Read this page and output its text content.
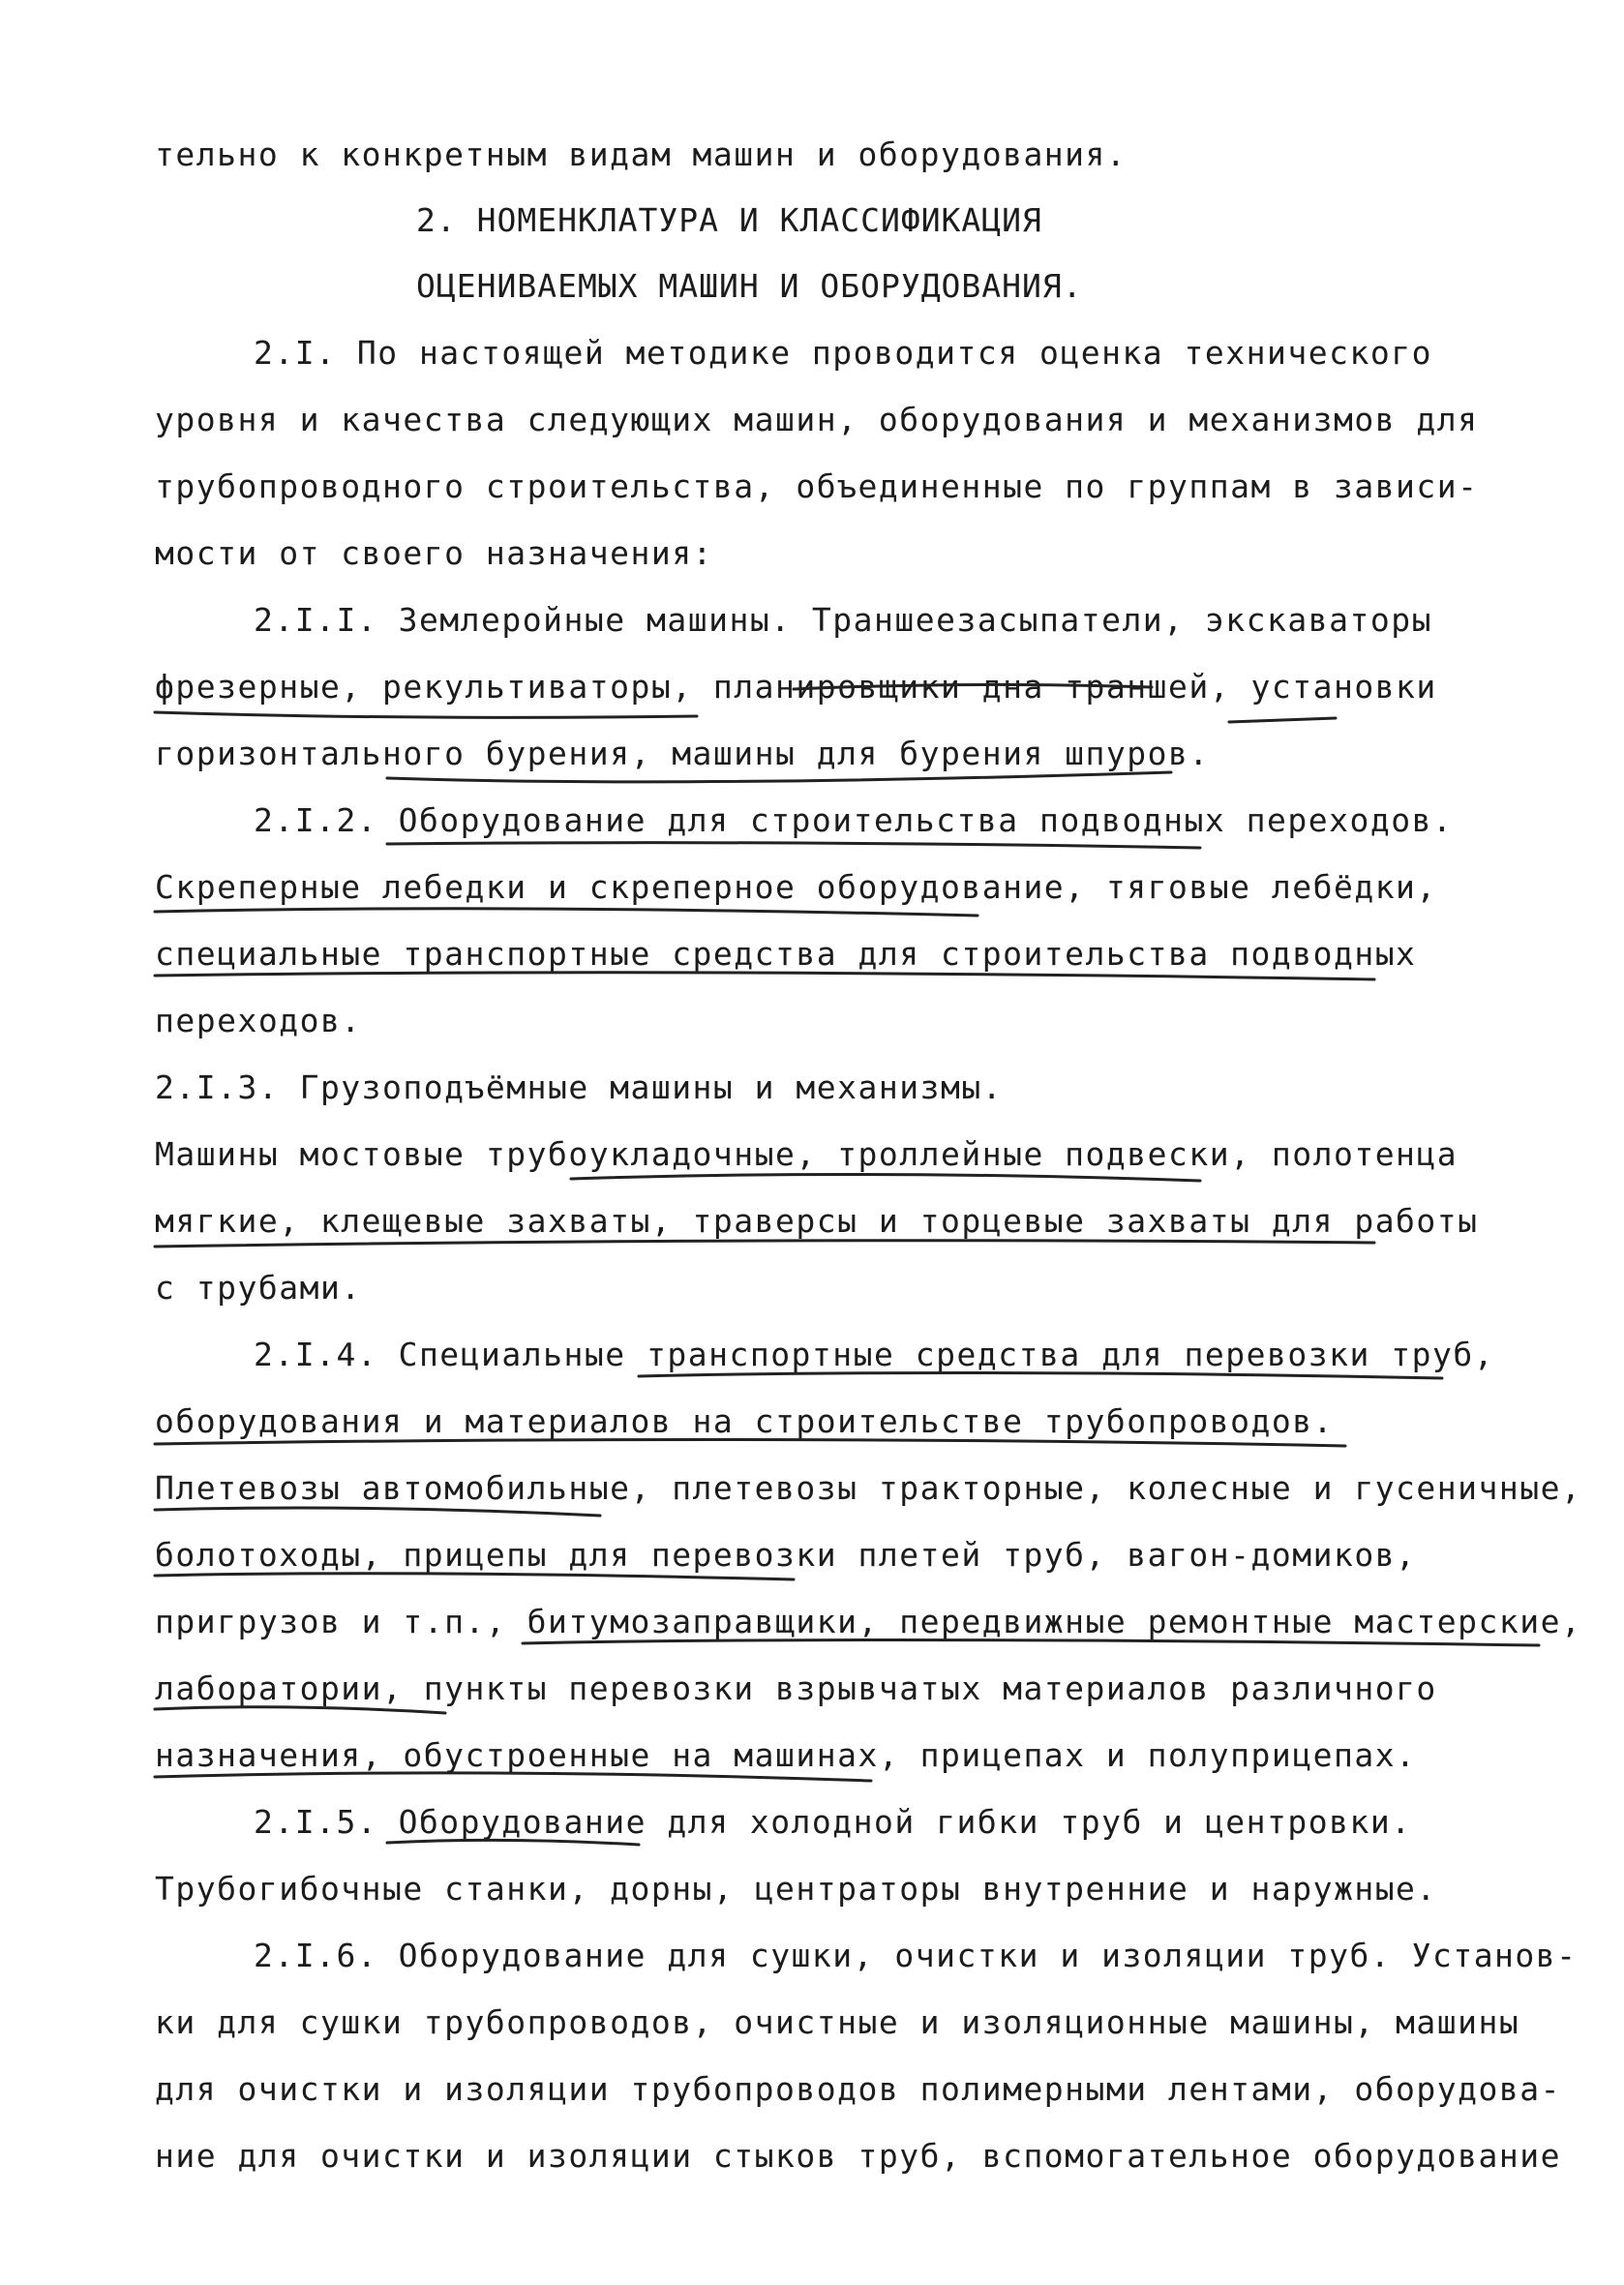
тельно к конкретным видам машин и оборудования.
2. НОМЕНКЛАТУРА И КЛАССИФИКАЦИЯ
ОЦЕНИВАЕМЫХ МАШИН И ОБОРУДОВАНИЯ.
2.I. По настоящей методике проводится оценка технического
уровня и качества следующих машин, оборудования и механизмов для
трубопроводного строительства, объединенные по группам в зависи-
мости от своего назначения:
2.I.I. Землеройные машины. Траншеезасыпатели, экскаваторы
фрезерные, рекультиваторы, планировщики дна траншей, установки
горизонтального бурения, машины для бурения шпуров.
2.I.2. Оборудование для строительства подводных переходов.
Скреперные лебедки и скреперное оборудование, тяговые лебёдки,
специальные транспортные средства для строительства подводных
переходов.
2.I.3. Грузоподъёмные машины и механизмы.
Машины мостовые трубоукладочные, троллейные подвески, полотенца
мягкие, клещевые захваты, траверсы и торцевые захваты для работы
с трубами.
2.I.4. Специальные транспортные средства для перевозки труб,
оборудования и материалов на строительстве трубопроводов.
Плетевозы автомобильные, плетевозы тракторные, колесные и гусеничные,
болотоходы, прицепы для перевозки плетей труб, вагон-домиков,
пригрузов и т.п., битумозаправщики, передвижные ремонтные мастерские,
лаборатории, пункты перевозки взрывчатых материалов различного
назначения, обустроенные на машинах, прицепах и полуприцепах.
2.I.5. Оборудование для холодной гибки труб и центровки.
Трубогибочные станки, дорны, центраторы внутренние и наружные.
2.I.6. Оборудование для сушки, очистки и изоляции труб. Установ-
ки для сушки трубопроводов, очистные и изоляционные машины, машины
для очистки и изоляции трубопроводов полимерными лентами, оборудова-
ние для очистки и изоляции стыков труб, вспомогательное оборудование
